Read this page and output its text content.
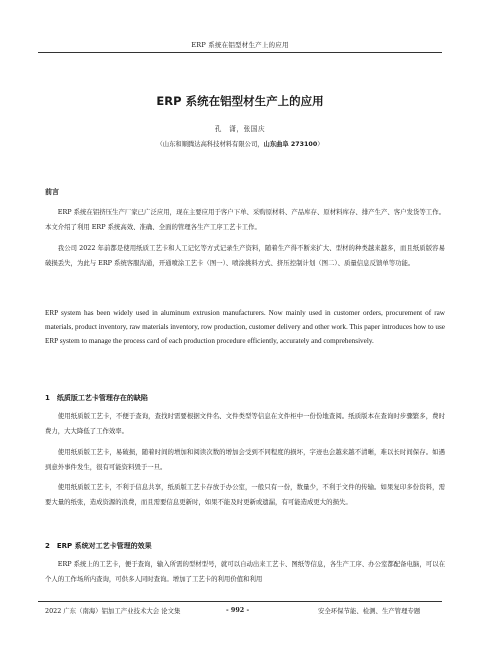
ERP 系统在铝型材生产上的应用
ERP 系统在铝型材生产上的应用
孔　潇，张国庆
（山东和顺腾达高科技材料有限公司，山东曲阜 273100）
前言

ERP 系统在铝挤压生产厂家已广泛应用，现在主要应用于客户下单、采购原材料、产品库存、原材料库存、排产生产、客户发货等工作。本文介绍了利用 ERP 系统高效、准确、全面的管理各生产工序工艺卡工作。

我公司 2022 年前都是使用纸质工艺卡和人工记忆等方式记录生产资料，随着生产得不断来扩大、型材的种类越来越多，而且纸质版容易破损丢失，为此与 ERP 系统客服沟通，开通喷涂工艺卡（图一）、喷涂挑料方式、挤压控制计划（图二）、质量信息反馈单等功能。

ERP system has been widely used in aluminum extrusion manufacturers. Now mainly used in customer orders, procurement of raw materials, product inventory, raw materials inventory, row production, customer delivery and other work. This paper introduces how to use ERP system to manage the process card of each production procedure efficiently, accurately and comprehensively.

1　纸质版工艺卡管理存在的缺陷

使用纸质版工艺卡，不便于查询，查找时需要根据文件名、文件类型等信息在文件柜中一份份地查阅。纸质版本在查询时步骤繁多，费时费力，大大降低了工作效率。

使用纸质版工艺卡，易破损，随着时间的增加和阅读次数的增加会受到不同程度的损坏，字迹也会越来越不清晰，难以长时间保存。如遇到意外事件发生，很有可能资料毁于一旦。

使用纸质版工艺卡，不利于信息共享，纸质版工艺卡存放于办公室，一般只有一份，数量少，不利于文件的传输。如果复印多份资料，需要大量的纸张，造成资源的浪费，而且需要信息更新时，如果不能及时更新或遗漏，有可能造成更大的损失。

2　ERP 系统对工艺卡管理的效果

ERP 系统上的工艺卡，便于查询，输入所需的型材型号，就可以自动出来工艺卡、图纸等信息，各生产工序、办公室都配备电脑，可以在个人的工作场所内查询，可供多人同时查询。增加了工艺卡的利用价值和利用

2022 广东（南海）铝加工产业技术大会 论文集	- 992 -	安全环保节能、检测、生产管理专题
